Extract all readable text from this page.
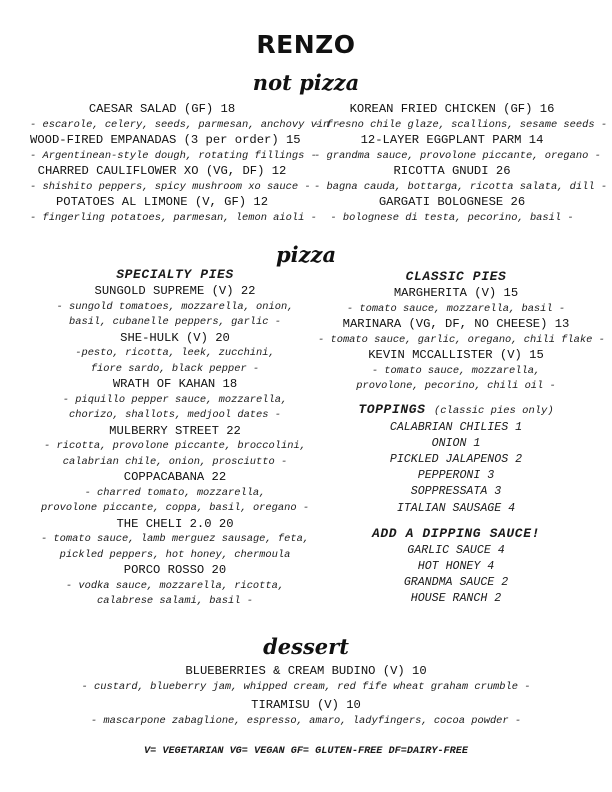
RENZO
not pizza
CAESAR SALAD (GF) 18
- escarole, celery, seeds, parmesan, anchovy vin -
WOOD-FIRED EMPANADAS (3 per order) 15
- Argentinean-style dough, rotating fillings -
CHARRED CAULIFLOWER XO (VG, DF) 12
- shishito peppers, spicy mushroom xo sauce -
POTATOES AL LIMONE (V, GF) 12
- fingerling potatoes, parmesan, lemon aioli -
KOREAN FRIED CHICKEN (GF) 16
- fresno chile glaze, scallions, sesame seeds -
12-LAYER EGGPLANT PARM 14
- grandma sauce, provolone piccante, oregano -
RICOTTA GNUDI 26
- bagna cauda, bottarga, ricotta salata, dill -
GARGATI BOLOGNESE 26
- bolognese di testa, pecorino, basil -
pizza
SPECIALTY PIES
SUNGOLD SUPREME (V) 22
- sungold tomatoes, mozzarella, onion,
basil, cubanelle peppers, garlic -
SHE-HULK (V) 20
-pesto, ricotta, leek, zucchini,
fiore sardo, black pepper -
WRATH OF KAHAN 18
- piquillo pepper sauce, mozzarella,
chorizo, shallots, medjool dates -
MULBERRY STREET 22
- ricotta, provolone piccante, broccolini,
calabrian chile, onion, prosciutto -
COPPACABANA 22
- charred tomato, mozzarella,
provolone piccante, coppa, basil, oregano -
THE CHELI 2.0 20
- tomato sauce, lamb merguez sausage, feta,
pickled peppers, hot honey, chermoula
PORCO ROSSO 20
- vodka sauce, mozzarella, ricotta,
calabrese salami, basil -
CLASSIC PIES
MARGHERITA (V) 15
- tomato sauce, mozzarella, basil -
MARINARA (VG, DF, NO CHEESE) 13
- tomato sauce, garlic, oregano, chili flake -
KEVIN MCCALLISTER (V) 15
- tomato sauce, mozzarella,
provolone, pecorino, chili oil -
TOPPINGS (classic pies only)
CALABRIAN CHILIES 1
ONION 1
PICKLED JALAPENOS 2
PEPPERONI 3
SOPPRESSATA 3
ITALIAN SAUSAGE 4
ADD A DIPPING SAUCE!
GARLIC SAUCE 4
HOT HONEY 4
GRANDMA SAUCE 2
HOUSE RANCH 2
dessert
BLUEBERRIES & CREAM BUDINO (V) 10
- custard, blueberry jam, whipped cream, red fife wheat graham crumble -
TIRAMISU (V) 10
- mascarpone zabaglione, espresso, amaro, ladyfingers, cocoa powder -
V= VEGETARIAN VG= VEGAN GF= GLUTEN-FREE DF=DAIRY-FREE
